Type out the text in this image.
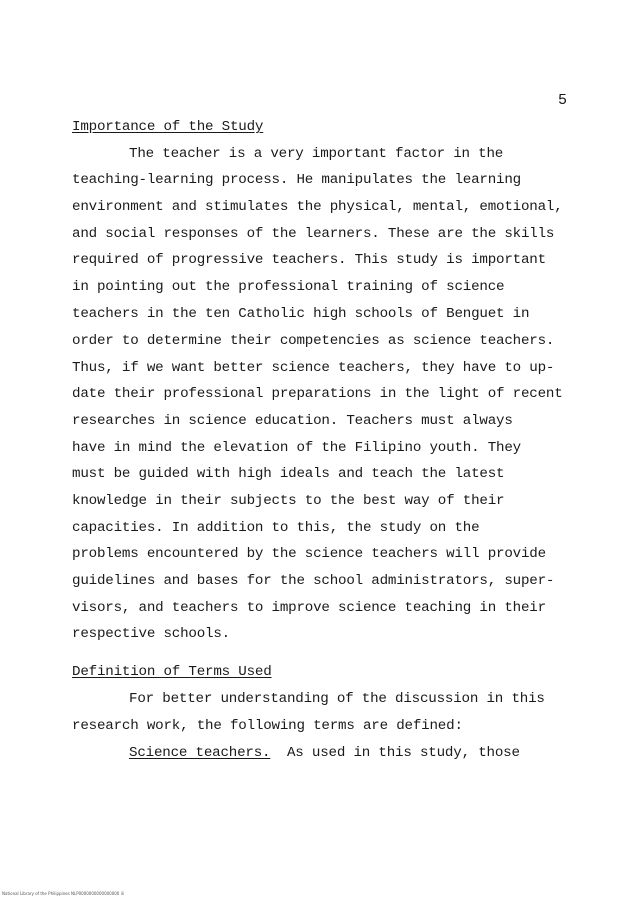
5
Importance of the Study
The teacher is a very important factor in the
teaching-learning process. He manipulates the learning
environment and stimulates the physical, mental, emotional,
and social responses of the learners. These are the skills
required of progressive teachers. This study is important
in pointing out the professional training of science
teachers in the ten Catholic high schools of Benguet in
order to determine their competencies as science teachers.
Thus, if we want better science teachers, they have to up-
date their professional preparations in the light of recent
researches in science education. Teachers must always
have in mind the elevation of the Filipino youth. They
must be guided with high ideals and teach the latest
knowledge in their subjects to the best way of their
capacities. In addition to this, the study on the
problems encountered by the science teachers will provide
guidelines and bases for the school administrators, super-
visors, and teachers to improve science teaching in their
respective schools.
Definition of Terms Used
For better understanding of the discussion in this
research work, the following terms are defined:
Science teachers.  As used in this study, those
National Library of the Philippines NLP0000000000000000 ili
